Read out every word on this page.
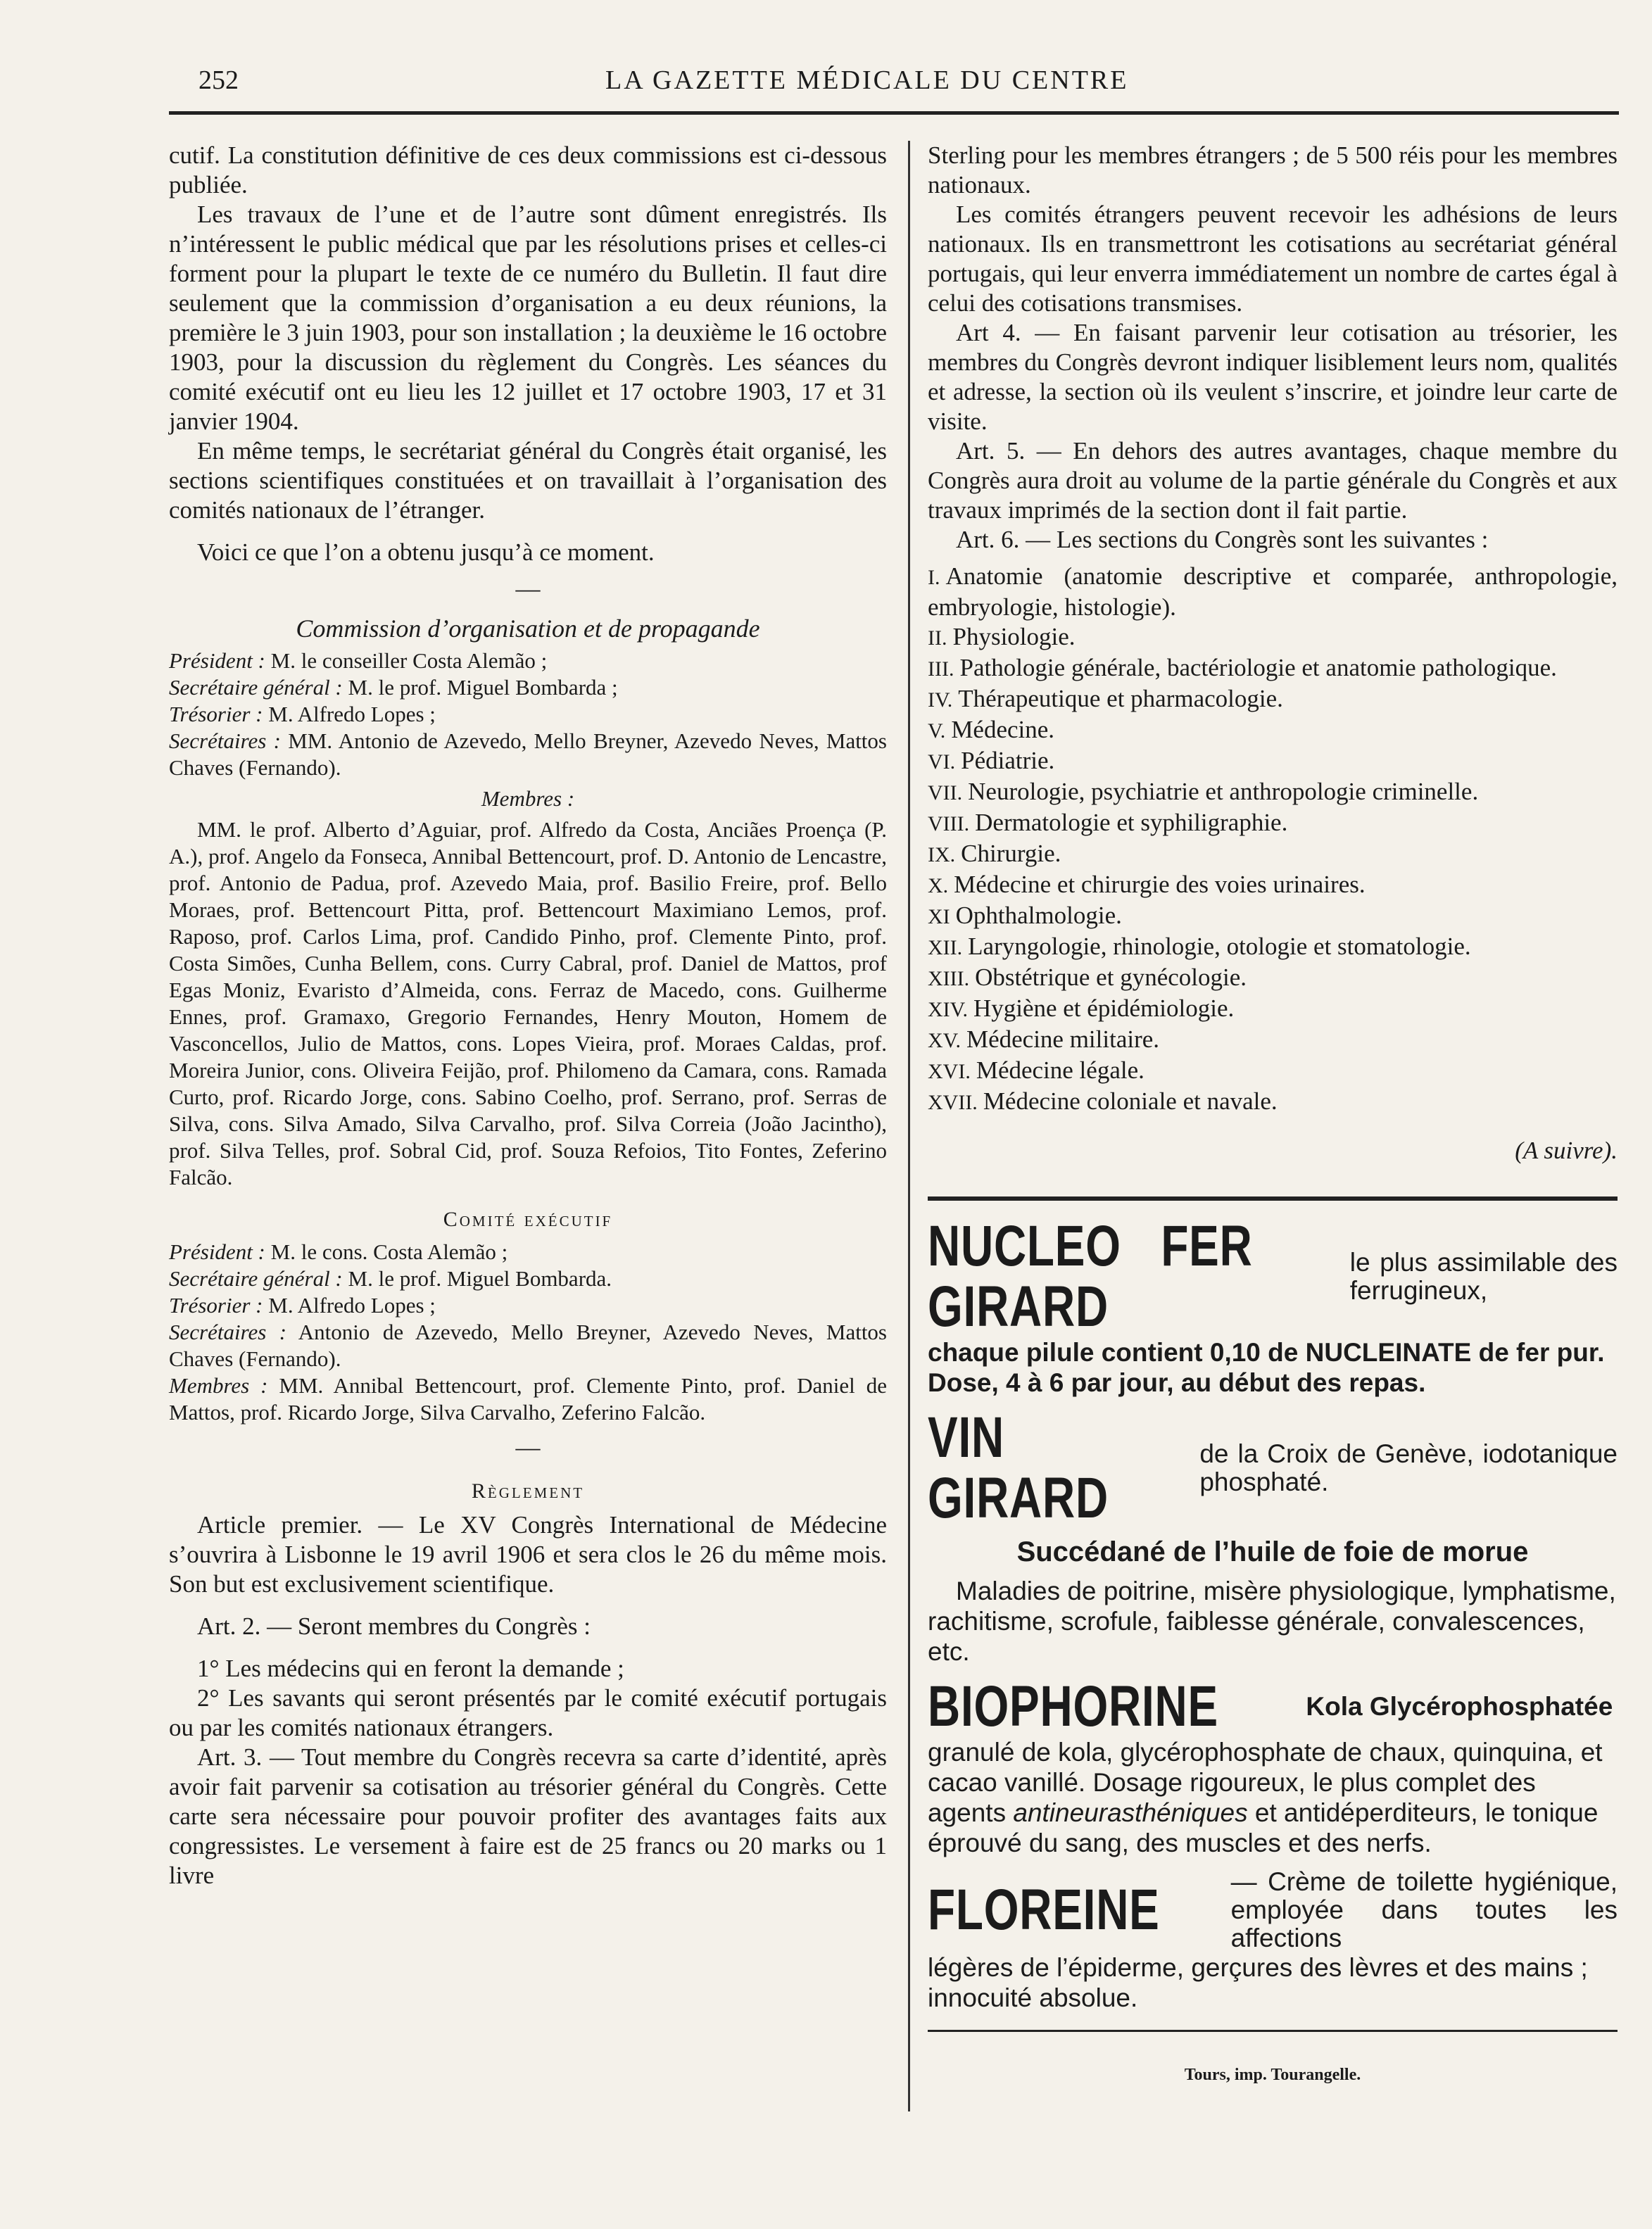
252	LA GAZETTE MÉDICALE DU CENTRE

cutif. La constitution définitive de ces deux commissions est ci-dessous publiée.

Les travaux de l’une et de l’autre sont dûment enregistrés. Ils n’intéressent le public médical que par les résolutions prises et celles-ci forment pour la plupart le texte de ce numéro du Bulletin. Il faut dire seulement que la commission d’organisation a eu deux réunions, la première le 3 juin 1903, pour son installation ; la deuxième le 16 octobre 1903, pour la discussion du règlement du Congrès. Les séances du comité exécutif ont eu lieu les 12 juillet et 17 octobre 1903, 17 et 31 janvier 1904.

En même temps, le secrétariat général du Congrès était organisé, les sections scientifiques constituées et on travaillait à l’organisation des comités nationaux de l’étranger.

Voici ce que l’on a obtenu jusqu’à ce moment.

—
Commission d’organisation et de propagande
Président : M. le conseiller Costa Alemão ;
Secrétaire général : M. le prof. Miguel Bombarda ;
Trésorier : M. Alfredo Lopes ;
Secrétaires : MM. Antonio de Azevedo, Mello Breyner, Azevedo Neves, Mattos Chaves (Fernando).
Membres :

MM. le prof. Alberto d’Aguiar, prof. Alfredo da Costa, Anciães Proença (P. A.), prof. Angelo da Fonseca, Annibal Bettencourt, prof. D. Antonio de Lencastre, prof. Antonio de Padua, prof. Azevedo Maia, prof. Basilio Freire, prof. Bello Moraes, prof. Bettencourt Pitta, prof. Bettencourt Maximiano Lemos, prof. Raposo, prof. Carlos Lima, prof. Candido Pinho, prof. Clemente Pinto, prof. Costa Simões, Cunha Bellem, cons. Curry Cabral, prof. Daniel de Mattos, prof Egas Moniz, Evaristo d’Almeida, cons. Ferraz de Macedo, cons. Guilherme Ennes, prof. Gramaxo, Gregorio Fernandes, Henry Mouton, Homem de Vasconcellos, Julio de Mattos, cons. Lopes Vieira, prof. Moraes Caldas, prof. Moreira Junior, cons. Oliveira Feijão, prof. Philomeno da Camara, cons. Ramada Curto, prof. Ricardo Jorge, cons. Sabino Coelho, prof. Serrano, prof. Serras de Silva, cons. Silva Amado, Silva Carvalho, prof. Silva Correia (João Jacintho), prof. Silva Telles, prof. Sobral Cid, prof. Souza Refoios, Tito Fontes, Zeferino Falcão.

Comité exécutif
Président : M. le cons. Costa Alemão ;
Secrétaire général : M. le prof. Miguel Bombarda.
Trésorier : M. Alfredo Lopes ;
Secrétaires : Antonio de Azevedo, Mello Breyner, Azevedo Neves, Mattos Chaves (Fernando).
Membres : MM. Annibal Bettencourt, prof. Clemente Pinto, prof. Daniel de Mattos, prof. Ricardo Jorge, Silva Carvalho, Zeferino Falcão.
—
Règlement

Article premier. — Le XV Congrès International de Médecine s’ouvrira à Lisbonne le 19 avril 1906 et sera clos le 26 du même mois. Son but est exclusivement scientifique.

Art. 2. — Seront membres du Congrès :

1° Les médecins qui en feront la demande ;

2° Les savants qui seront présentés par le comité exécutif portugais ou par les comités nationaux étrangers.

Art. 3. — Tout membre du Congrès recevra sa carte d’identité, après avoir fait parvenir sa cotisation au trésorier général du Congrès. Cette carte sera nécessaire pour pouvoir profiter des avantages faits aux congressistes. Le versement à faire est de 25 francs ou 20 marks ou 1 livre

Sterling pour les membres étrangers ; de 5 500 réis pour les membres nationaux.

Les comités étrangers peuvent recevoir les adhésions de leurs nationaux. Ils en transmettront les cotisations au secrétariat général portugais, qui leur enverra immédiatement un nombre de cartes égal à celui des cotisations transmises.

Art 4. — En faisant parvenir leur cotisation au trésorier, les membres du Congrès devront indiquer lisiblement leurs nom, qualités et adresse, la section où ils veulent s’inscrire, et joindre leur carte de visite.

Art. 5. — En dehors des autres avantages, chaque membre du Congrès aura droit au volume de la partie générale du Congrès et aux travaux imprimés de la section dont il fait partie.

Art. 6. — Les sections du Congrès sont les suivantes :

I. Anatomie (anatomie descriptive et comparée, anthropologie, embryologie, histologie).
II. Physiologie.
III. Pathologie générale, bactériologie et anatomie pathologique.
IV. Thérapeutique et pharmacologie.
V. Médecine.
VI. Pédiatrie.
VII. Neurologie, psychiatrie et anthropologie criminelle.
VIII. Dermatologie et syphiligraphie.
IX. Chirurgie.
X. Médecine et chirurgie des voies urinaires.
XI Ophthalmologie.
XII. Laryngologie, rhinologie, otologie et stomatologie.
XIII. Obstétrique et gynécologie.
XIV. Hygiène et épidémiologie.
XV. Médecine militaire.
XVI. Médecine légale.
XVII. Médecine coloniale et navale.
(A suivre).
NUCLEO FER GIRARD
le plus assimilable des ferrugineux,
chaque pilule contient 0,10 de NUCLEINATE de fer pur.
Dose, 4 à 6 par jour, au début des repas.
VIN GIRARD
de la Croix de Genève, iodotanique phosphaté.
Succédané de l’huile de foie de morue
Maladies de poitrine, misère physiologique, lymphatisme, rachitisme, scrofule, faiblesse générale, convalescences, etc.
BIOPHORINE	Kola Glycérophosphatée
granulé de kola, glycérophosphate de chaux, quinquina, et cacao vanillé. Dosage rigoureux, le plus complet des agents antineurasthéniques et antidéperditeurs, le tonique éprouvé du sang, des muscles et des nerfs.
FLOREINE	— Crème de toilette hygiénique, employée dans toutes les affections
légères de l’épiderme, gerçures des lèvres et des mains ; innocuité absolue.
Tours, imp. Tourangelle.
